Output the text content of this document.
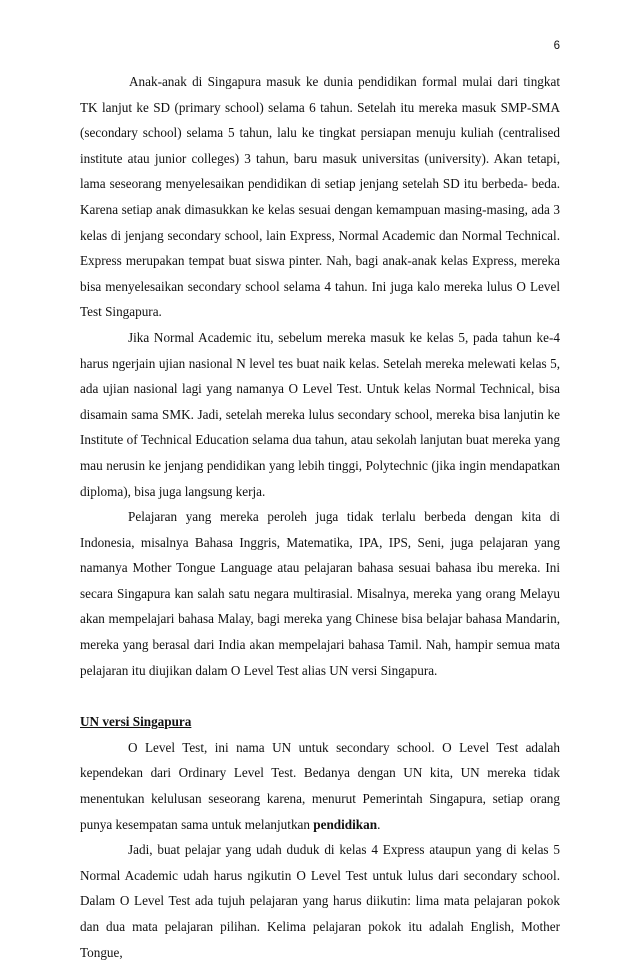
6

Anak-anak di Singapura masuk ke dunia pendidikan formal mulai dari tingkat TK lanjut ke SD (primary school) selama 6 tahun. Setelah itu mereka masuk SMP-SMA (secondary school) selama 5 tahun, lalu ke tingkat persiapan menuju kuliah (centralised institute atau junior colleges) 3 tahun, baru masuk universitas (university). Akan tetapi, lama seseorang menyelesaikan pendidikan di setiap jenjang setelah SD itu berbeda- beda. Karena setiap anak dimasukkan ke kelas sesuai dengan kemampuan masing-masing, ada 3 kelas di jenjang secondary school, lain Express, Normal Academic dan Normal Technical. Express merupakan tempat buat siswa pinter. Nah, bagi anak-anak kelas Express, mereka bisa menyelesaikan secondary school selama 4 tahun. Ini juga kalo mereka lulus O Level Test Singapura.

Jika Normal Academic itu, sebelum mereka masuk ke kelas 5, pada tahun ke-4 harus ngerjain ujian nasional N level tes buat naik kelas. Setelah mereka melewati kelas 5, ada ujian nasional lagi yang namanya O Level Test. Untuk kelas Normal Technical, bisa disamain sama SMK. Jadi, setelah mereka lulus secondary school, mereka bisa lanjutin ke Institute of Technical Education selama dua tahun, atau sekolah lanjutan buat mereka yang mau nerusin ke jenjang pendidikan yang lebih tinggi, Polytechnic (jika ingin mendapatkan diploma), bisa juga langsung kerja.

Pelajaran yang mereka peroleh juga tidak terlalu berbeda dengan kita di Indonesia, misalnya Bahasa Inggris, Matematika, IPA, IPS, Seni, juga pelajaran yang namanya Mother Tongue Language atau pelajaran bahasa sesuai bahasa ibu mereka. Ini secara Singapura kan salah satu negara multirasial. Misalnya, mereka yang orang Melayu akan mempelajari bahasa Malay, bagi mereka yang Chinese bisa belajar bahasa Mandarin, mereka yang berasal dari India akan mempelajari bahasa Tamil. Nah, hampir semua mata pelajaran itu diujikan dalam O Level Test alias UN versi Singapura.

UN versi Singapura

O Level Test, ini nama UN untuk secondary school. O Level Test adalah kependekan dari Ordinary Level Test. Bedanya dengan UN kita, UN mereka tidak menentukan kelulusan seseorang karena, menurut Pemerintah Singapura, setiap orang punya kesempatan sama untuk melanjutkan pendidikan.

Jadi, buat pelajar yang udah duduk di kelas 4 Express ataupun yang di kelas 5 Normal Academic udah harus ngikutin O Level Test untuk lulus dari secondary school. Dalam O Level Test ada tujuh pelajaran yang harus diikutin: lima mata pelajaran pokok dan dua mata pelajaran pilihan. Kelima pelajaran pokok itu adalah English, Mother Tongue,
